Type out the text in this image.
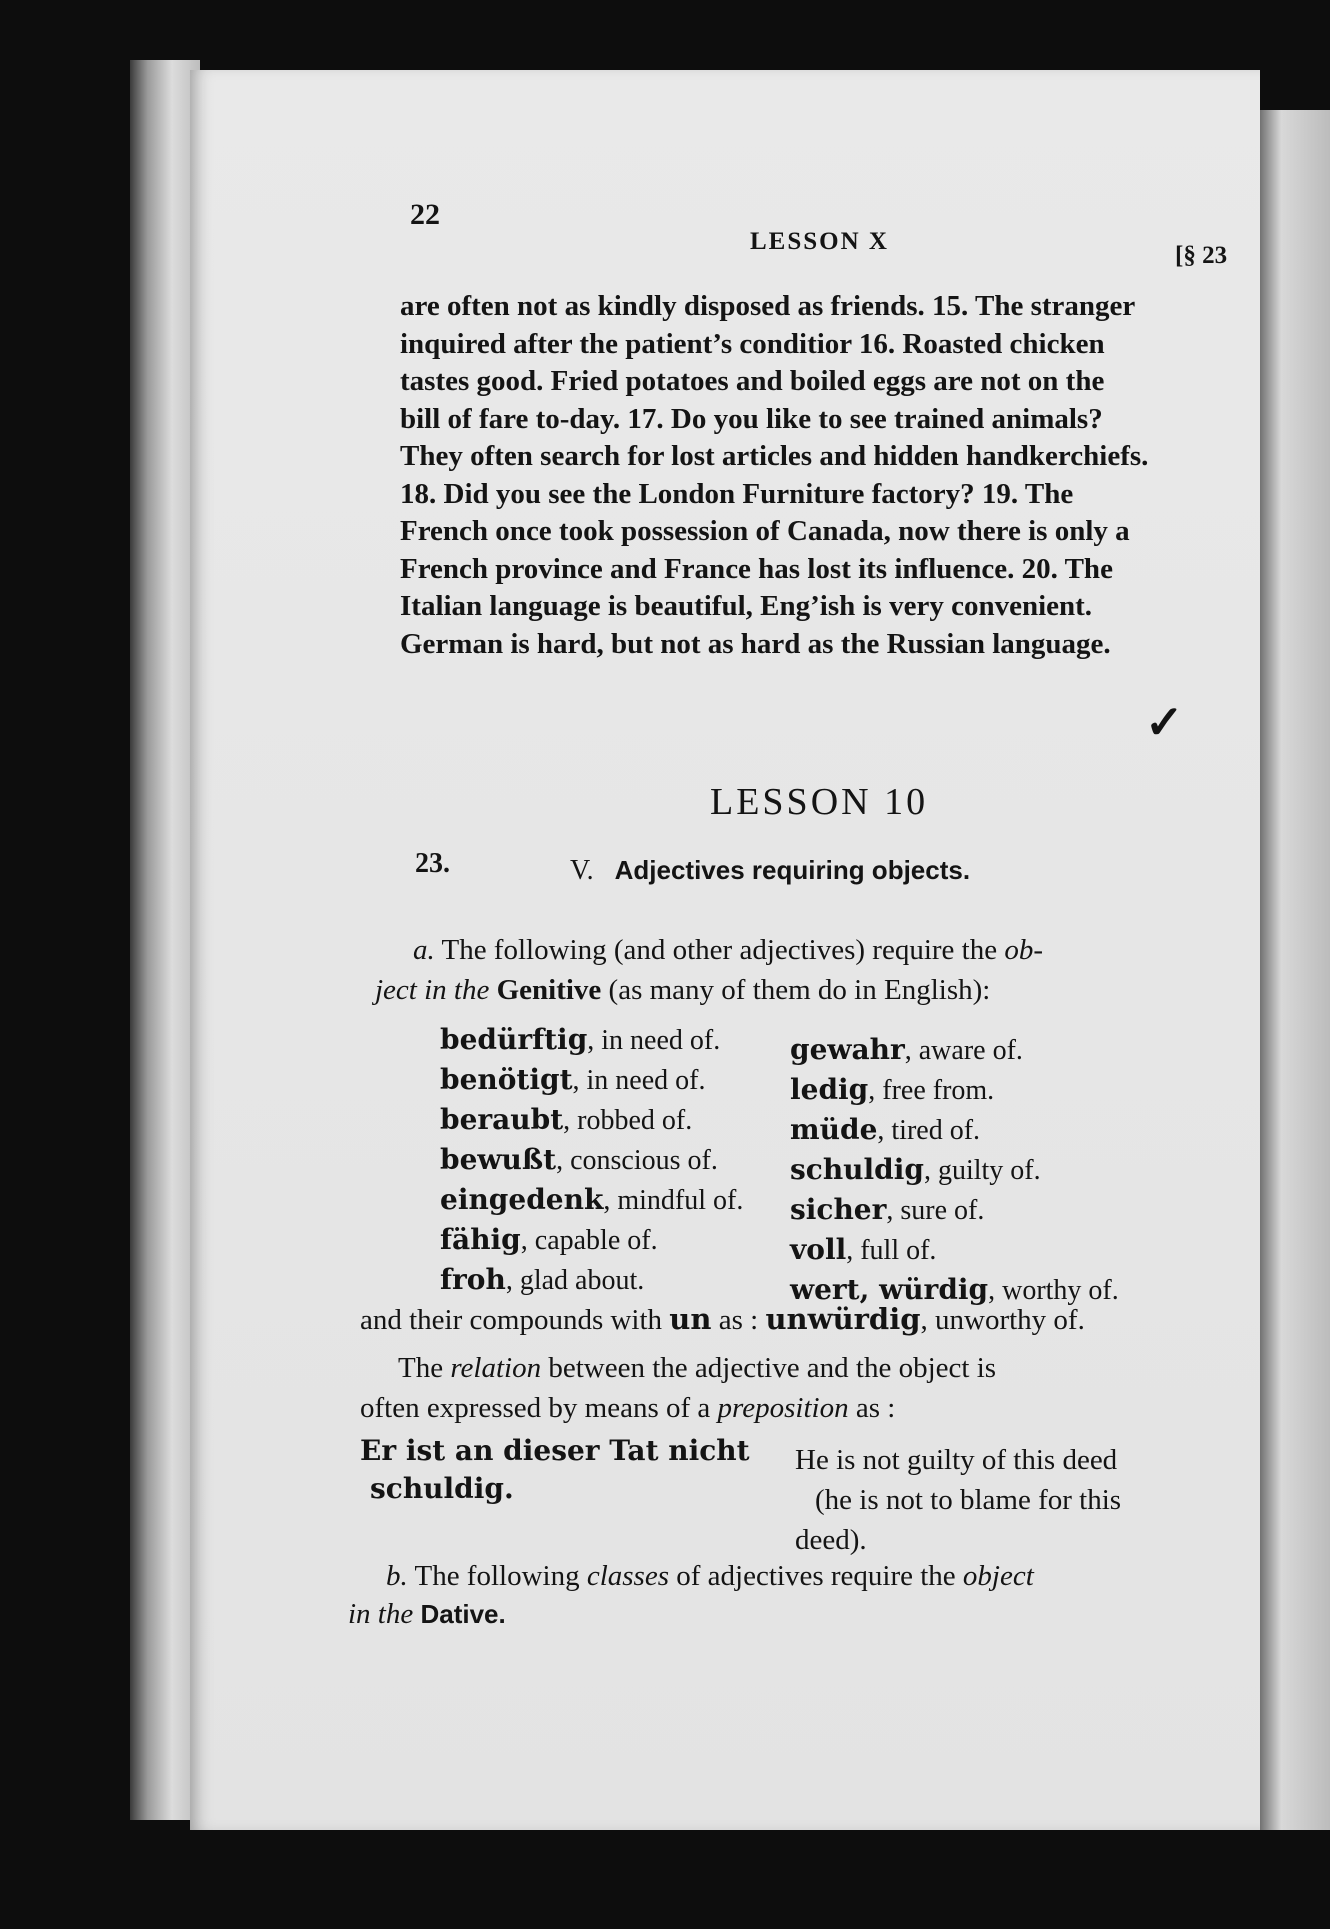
22
LESSON X
[§ 23
are often not as kindly disposed as friends. 15. The stranger
inquired after the patient’s conditior 16. Roasted chicken
tastes good. Fried potatoes and boiled eggs are not on the
bill of fare to-day. 17. Do you like to see trained animals?
They often search for lost articles and hidden handkerchiefs.
18. Did you see the London Furniture factory? 19. The
French once took possession of Canada, now there is only a
French province and France has lost its influence. 20. The
Italian language is beautiful, Eng’ish is very convenient.
German is hard, but not as hard as the Russian language.
✓
LESSON 10
23.	V. Adjectives requiring objects.
a. The following (and other adjectives) require the ob-
ject in the Genitive (as many of them do in English):
bedürftig, in need of.
benötigt, in need of.
beraubt, robbed of.
bewußt, conscious of.
eingedenk, mindful of.
fähig, capable of.
froh, glad about.
gewahr, aware of.
ledig, free from.
müde, tired of.
schuldig, guilty of.
sicher, sure of.
voll, full of.
wert, würdig, worthy of.
and their compounds with un as : unwürdig, unworthy of.
The relation between the adjective and the object is
often expressed by means of a preposition as :
Er ist an dieser Tat nicht
schuldig.
He is not guilty of this deed
(he is not to blame for this
deed).
b. The following classes of adjectives require the object
in the Dative.
